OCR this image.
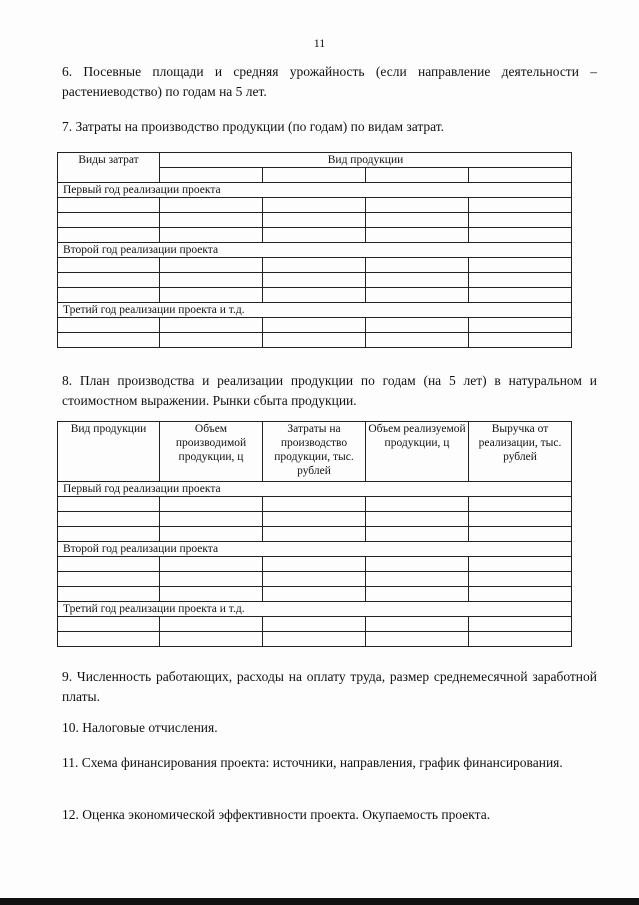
11
6. Посевные площади и средняя урожайность (если направление деятельности – растениеводство) по годам на 5 лет.
7. Затраты на производство продукции (по годам) по видам затрат.
Виды затрат	Вид продукции			

Первый год реализации проекта				

Второй год реализации проекта				

Третий год реализации проекта и т.д.				

8. План производства и реализации продукции по годам (на 5 лет) в натуральном и стоимостном выражении. Рынки сбыта продукции.
Вид продукции	Объем производимой продукции, ц	Затраты на производство продукции, тыс. рублей	Объем реализуемой продукции, ц	Выручка от реализации, тыс. рублей
Первый год реализации проекта				

Второй год реализации проекта				

Третий год реализации проекта и т.д.				

9. Численность работающих, расходы на оплату труда, размер среднемесячной заработной платы.
10. Налоговые отчисления.
11. Схема финансирования проекта: источники, направления, график финансирования.
12. Оценка экономической эффективности проекта. Окупаемость проекта.
